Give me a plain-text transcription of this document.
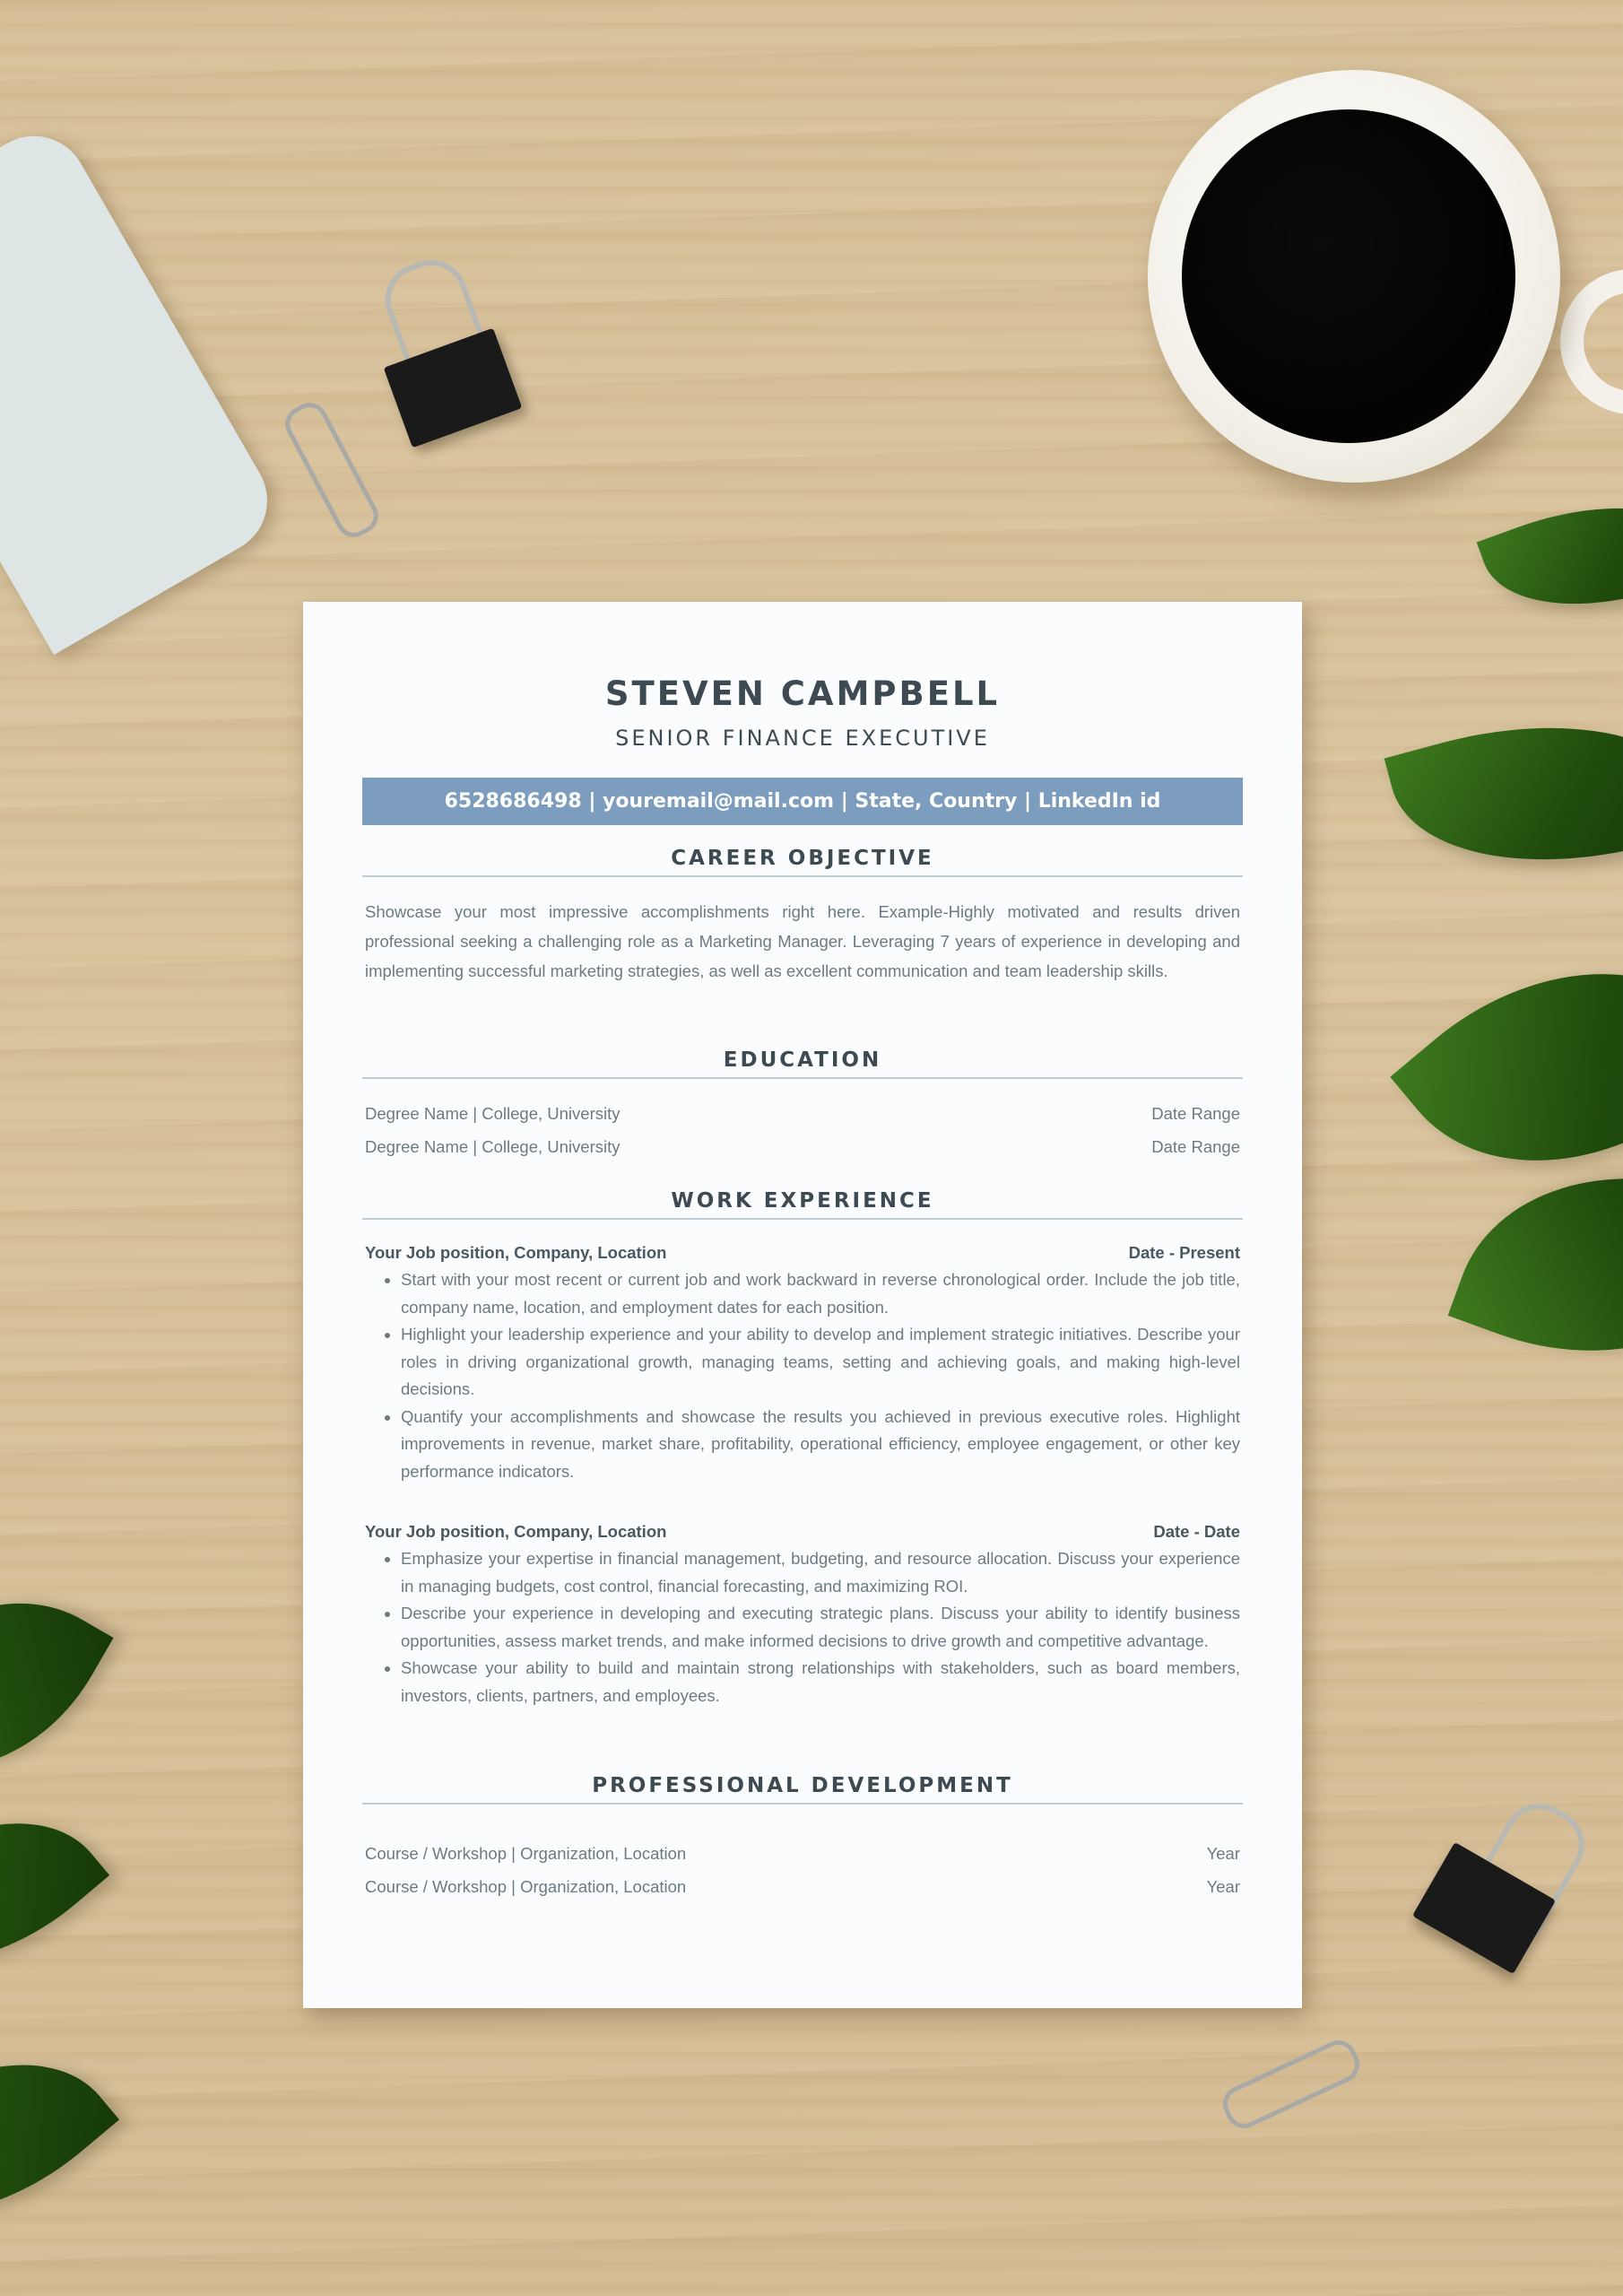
STEVEN CAMPBELL
SENIOR FINANCE EXECUTIVE
6528686498 | youremail@mail.com | State, Country | LinkedIn id
CAREER OBJECTIVE

Showcase your most impressive accomplishments right here. Example-Highly motivated and results driven professional seeking a challenging role as a Marketing Manager. Leveraging 7 years of experience in developing and implementing successful marketing strategies, as well as excellent communication and team leadership skills.

EDUCATION
Degree Name | College, University	Date Range
Degree Name | College, University	Date Range
WORK EXPERIENCE
Your Job position, Company, Location	Date - Present
• Start with your most recent or current job and work backward in reverse chronological order. Include the job title, company name, location, and employment dates for each position.
• Highlight your leadership experience and your ability to develop and implement strategic initiatives. Describe your roles in driving organizational growth, managing teams, setting and achieving goals, and making high-level decisions.
• Quantify your accomplishments and showcase the results you achieved in previous executive roles. Highlight improvements in revenue, market share, profitability, operational efficiency, employee engagement, or other key performance indicators.
Your Job position, Company, Location	Date - Date
• Emphasize your expertise in financial management, budgeting, and resource allocation. Discuss your experience in managing budgets, cost control, financial forecasting, and maximizing ROI.
• Describe your experience in developing and executing strategic plans. Discuss your ability to identify business opportunities, assess market trends, and make informed decisions to drive growth and competitive advantage.
• Showcase your ability to build and maintain strong relationships with stakeholders, such as board members, investors, clients, partners, and employees.
PROFESSIONAL DEVELOPMENT
Course / Workshop | Organization, Location	Year
Course / Workshop | Organization, Location	Year
